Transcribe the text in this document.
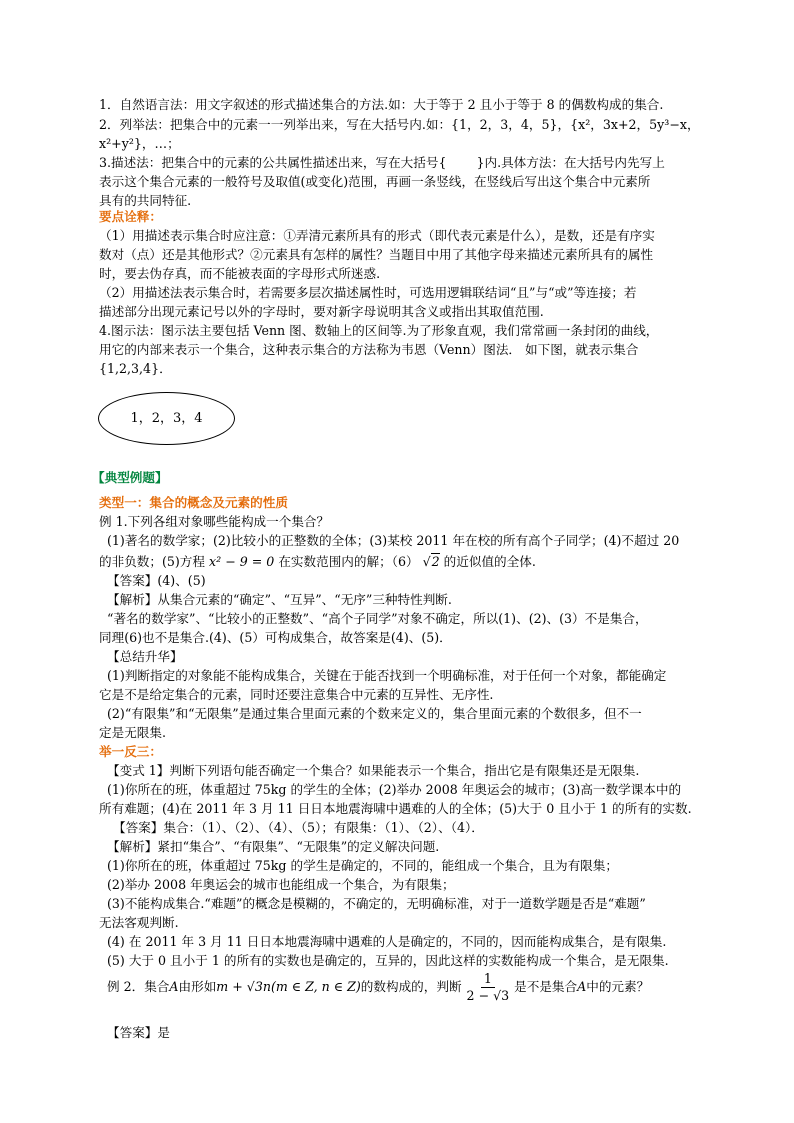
1．自然语言法：用文字叙述的形式描述集合的方法.如：大于等于 2 且小于等于 8 的偶数构成的集合.
2．列举法：把集合中的元素一一列举出来，写在大括号内.如：{1，2，3，4，5}，{x²，3x+2，5y³−x，
x²+y²}，…；
3.描述法：把集合中的元素的公共属性描述出来，写在大括号{ }内.具体方法：在大括号内先写上
表示这个集合元素的一般符号及取值(或变化)范围，再画一条竖线，在竖线后写出这个集合中元素所
具有的共同特征.
要点诠释：
（1）用描述表示集合时应注意：①弄清元素所具有的形式（即代表元素是什么），是数，还是有序实
数对（点）还是其他形式？②元素具有怎样的属性？当题目中用了其他字母来描述元素所具有的属性
时，要去伪存真，而不能被表面的字母形式所迷惑.
（2）用描述法表示集合时，若需要多层次描述属性时，可选用逻辑联结词“且”与“或”等连接；若
描述部分出现元素记号以外的字母时，要对新字母说明其含义或指出其取值范围.
4.图示法：图示法主要包括 Venn 图、数轴上的区间等.为了形象直观，我们常常画一条封闭的曲线，
用它的内部来表示一个集合，这种表示集合的方法称为韦恩（Venn）图法． 如下图，就表示集合
{1,2,3,4}．
1，2，3，4
【典型例题】
类型一：集合的概念及元素的性质
例 1.下列各组对象哪些能构成一个集合？
(1)著名的数学家；(2)比较小的正整数的全体；(3)某校 2011 年在校的所有高个子同学；(4)不超过 20
的非负数；(5)方程 x² − 9 = 0 在实数范围内的解；（6） √2 的近似值的全体.
【答案】(4)、(5)
【解析】从集合元素的“确定”、“互异”、“无序”三种特性判断.
“著名的数学家”、“比较小的正整数”、“高个子同学”对象不确定，所以(1)、(2)、(3）不是集合，
同理(6)也不是集合.(4)、(5）可构成集合，故答案是(4)、(5)．
【总结升华】
(1)判断指定的对象能不能构成集合，关键在于能否找到一个明确标准，对于任何一个对象，都能确定
它是不是给定集合的元素，同时还要注意集合中元素的互异性、无序性.
(2)“有限集”和“无限集”是通过集合里面元素的个数来定义的，集合里面元素的个数很多，但不一
定是无限集.
举一反三：
【变式 1】判断下列语句能否确定一个集合？如果能表示一个集合，指出它是有限集还是无限集.
(1)你所在的班，体重超过 75kg 的学生的全体；(2)举办 2008 年奥运会的城市；(3)高一数学课本中的
所有难题；(4)在 2011 年 3 月 11 日日本地震海啸中遇难的人的全体；(5)大于 0 且小于 1 的所有的实数.
【答案】集合：（1）、（2）、（4）、（5）；有限集：（1）、（2）、（4）．
【解析】紧扣“集合”、“有限集”、“无限集”的定义解决问题.
(1)你所在的班，体重超过 75kg 的学生是确定的，不同的，能组成一个集合，且为有限集；
(2)举办 2008 年奥运会的城市也能组成一个集合，为有限集；
(3)不能构成集合.“难题”的概念是模糊的，不确定的，无明确标准，对于一道数学题是否是“难题”
无法客观判断.
(4) 在 2011 年 3 月 11 日日本地震海啸中遇难的人是确定的，不同的，因而能构成集合，是有限集.
(5) 大于 0 且小于 1 的所有的实数也是确定的，互异的，因此这样的实数能构成一个集合，是无限集.
例 2．集合A由形如m + √3n(m ∈ Z, n ∈ Z)的数构成的，判断 $\frac{1}{2 - √3}$ 是不是集合A中的元素？
【答案】是
